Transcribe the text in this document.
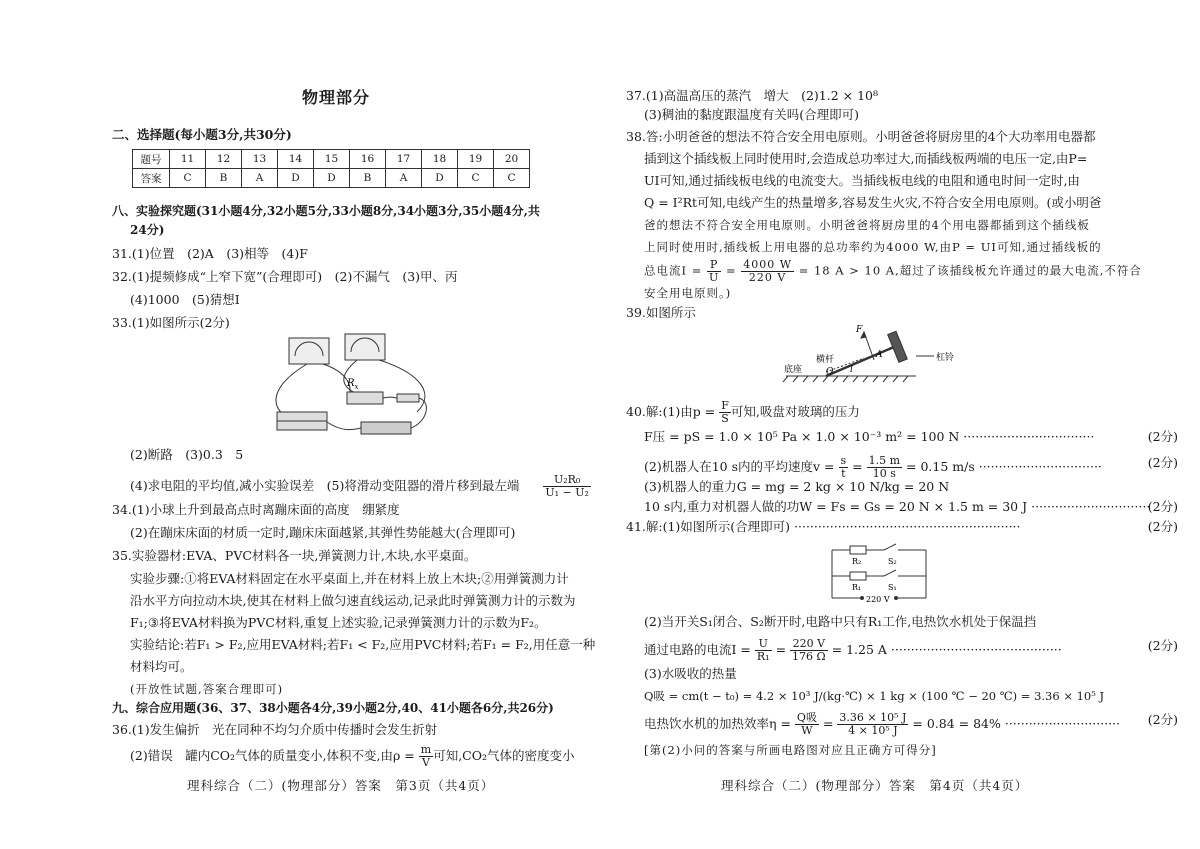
物理部分
二、选择题(每小题3分,共30分)
题号	11	12	13	14	15	16	17	18	19	20
答案	C	B	A	D	D	B	A	D	C	C
八、实验探究题(31小题4分,32小题5分,33小题8分,34小题3分,35小题4分,共
24分)
31.(1)位置　(2)A　(3)相等　(4)F
32.(1)提频修成“上窄下宽”(合理即可)　(2)不漏气　(3)甲、丙
(4)1000　(5)猜想Ⅰ
33.(1)如图所示(2分)
$R_x$
(2)断路　(3)0.3　5
(4)求电阻的平均值,减小实验误差　(5)将滑动变阻器的滑片移到最左端 $\frac{\text{U₂R₀}}{\text{U₁ − U₂}}$
34.(1)小球上升到最高点时离蹦床面的高度　绷紧度
(2)在蹦床床面的材质一定时,蹦床床面越紧,其弹性势能越大(合理即可)
35.实验器材:EVA、PVC材料各一块,弹簧测力计,木块,水平桌面。
实验步骤:①将EVA材料固定在水平桌面上,并在材料上放上木块;②用弹簧测力计
沿水平方向拉动木块,使其在材料上做匀速直线运动,记录此时弹簧测力计的示数为
F₁;③将EVA材料换为PVC材料,重复上述实验,记录弹簧测力计的示数为F₂。
实验结论:若F₁ > F₂,应用EVA材料;若F₁ < F₂,应用PVC材料;若F₁ = F₂,用任意一种
材料均可。
(开放性试题,答案合理即可)
九、综合应用题(36、37、38小题各4分,39小题2分,40、41小题各6分,共26分)
36.(1)发生偏折　光在同种不均匀介质中传播时会发生折射
(2)错误　罐内CO₂气体的质量变小,体积不变,由$\rho = \frac{m}{V}$ 可知,CO₂气体的密度变小
理科综合（二）(物理部分）答案　第3页（共4页）
37.(1)高温高压的蒸汽　增大　(2)1.2 × 10⁸
(3)稠油的黏度跟温度有关吗(合理即可)
38.答:小明爸爸的想法不符合安全用电原则。小明爸爸将厨房里的4个大功率用电器都
插到这个插线板上同时使用时,会造成总功率过大,而插线板两端的电压一定,由P=
UI可知,通过插线板电线的电流变大。当插线板电线的电阻和通电时间一定时,由
Q = I²Rt可知,电线产生的热量增多,容易发生火灾,不符合安全用电原则。(或小明爸
爸的想法不符合安全用电原则。小明爸爸将厨房里的4个用电器都插到这个插线板
上同时使用时,插线板上用电器的总功率约为4000 W,由P = UI可知,通过插线板的
总电流$I = \frac{P}{U} = \frac{4000 W}{220 V} = 18$ A > 10 A,超过了该插线板允许通过的最大电流,不符合
安全用电原则。)
39.如图所示
F
A
O l
底座
横杆	杠铃
40.解:(1)由$p = \frac{F}{S}$ 可知,吸盘对玻璃的压力
F压 = pS = 1.0 × 10⁵ Pa × 1.0 × 10⁻³ m² = 100 N ·································	(2分)
(2)机器人在10 s内的平均速度$v = \frac{s}{t} = \frac{1.5 m}{10 s} = 0.15$ m/s ·······························	(2分)
(3)机器人的重力G = mg = 2 kg × 10 N/kg = 20 N
10 s内,重力对机器人做的功W = Fs = Gs = 20 N × 1.5 m = 30 J ······························
(2分)
41.解:(1)如图所示(合理即可) ·························································	(2分)
R₂	S₂
R₁	S₁
220 V
(2)当开关S₁闭合、S₂断开时,电路中只有R₁工作,电热饮水机处于保温挡
通过电路的电流$I = \frac{U}{\text{R₁}} = \frac{220 V}{176 \Omega} = 1.25$ A ···········································	(2分)
(3)水吸收的热量
Q吸 = cm(t − t₀) = 4.2 × 10³ J/(kg·℃) × 1 kg × (100 ℃ − 20 ℃) = 3.36 × 10⁵ J
电热饮水机的加热效率$\eta = \frac{\text{Q吸}}{W} = \frac{\text{3.36 × 10⁵ J}}{\text{4 × 10⁵ J}} = 0.84 = 84\%$ ····························· (2分)
[第(2)小问的答案与所画电路图对应且正确方可得分]
理科综合（二）(物理部分）答案　第4页（共4页）
